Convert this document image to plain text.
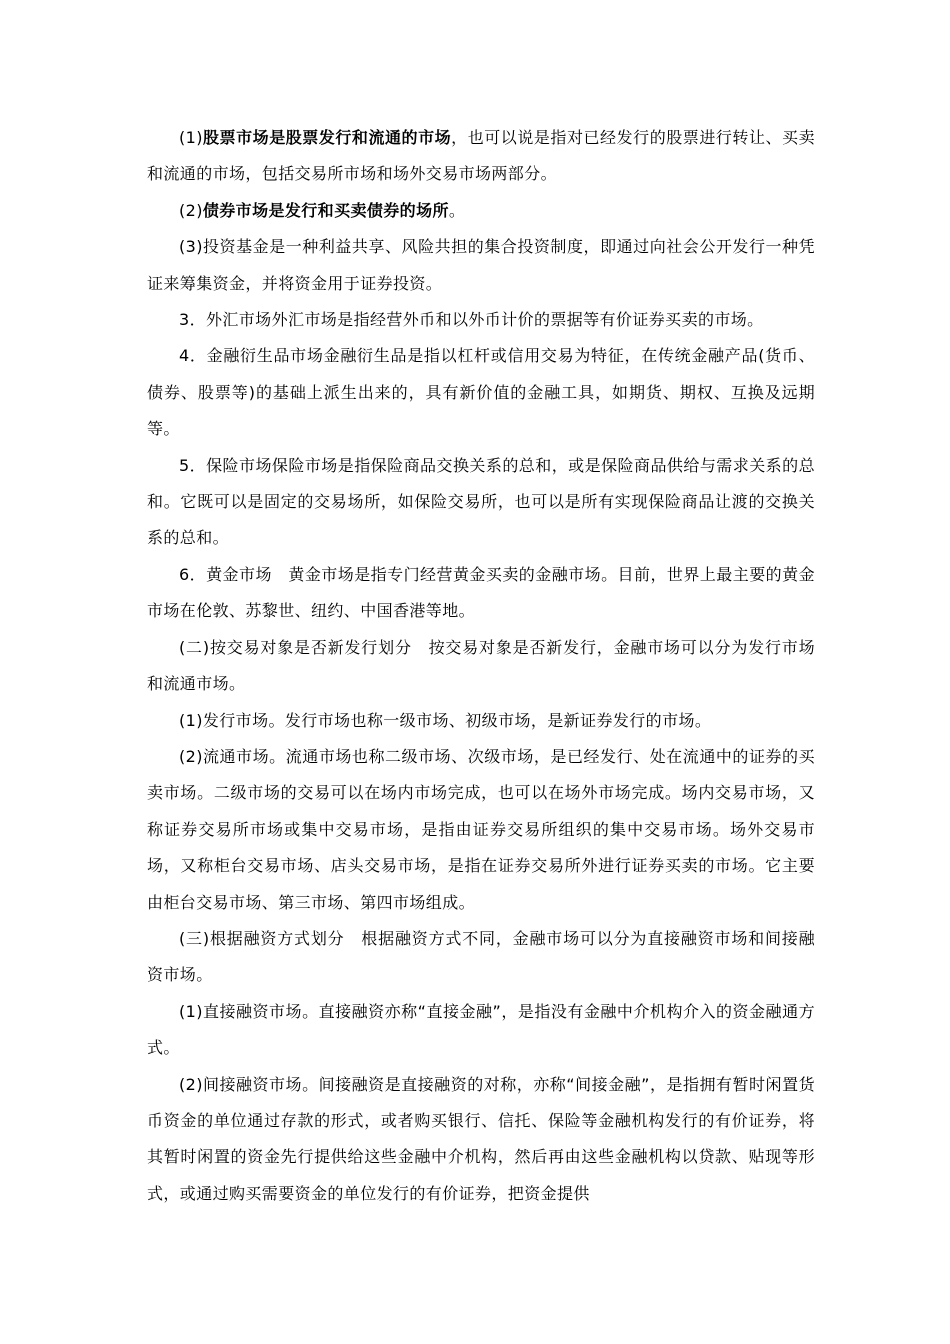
(1)股票市场是股票发行和流通的市场，也可以说是指对已经发行的股票进行转让、买卖和流通的市场，包括交易所市场和场外交易市场两部分。

(2)债券市场是发行和买卖债券的场所。

(3)投资基金是一种利益共享、风险共担的集合投资制度，即通过向社会公开发行一种凭证来筹集资金，并将资金用于证券投资。

3．外汇市场外汇市场是指经营外币和以外币计价的票据等有价证券买卖的市场。

4．金融衍生品市场金融衍生品是指以杠杆或信用交易为特征，在传统金融产品(货币、债券、股票等)的基础上派生出来的，具有新价值的金融工具，如期货、期权、互换及远期等。

5．保险市场保险市场是指保险商品交换关系的总和，或是保险商品供给与需求关系的总和。它既可以是固定的交易场所，如保险交易所，也可以是所有实现保险商品让渡的交换关系的总和。

6．黄金市场　黄金市场是指专门经营黄金买卖的金融市场。目前，世界上最主要的黄金市场在伦敦、苏黎世、纽约、中国香港等地。

(二)按交易对象是否新发行划分　按交易对象是否新发行，金融市场可以分为发行市场和流通市场。

(1)发行市场。发行市场也称一级市场、初级市场，是新证券发行的市场。

(2)流通市场。流通市场也称二级市场、次级市场，是已经发行、处在流通中的证券的买卖市场。二级市场的交易可以在场内市场完成，也可以在场外市场完成。场内交易市场，又称证券交易所市场或集中交易市场，是指由证券交易所组织的集中交易市场。场外交易市场，又称柜台交易市场、店头交易市场，是指在证券交易所外进行证券买卖的市场。它主要由柜台交易市场、第三市场、第四市场组成。

(三)根据融资方式划分　根据融资方式不同，金融市场可以分为直接融资市场和间接融资市场。

(1)直接融资市场。直接融资亦称“直接金融”，是指没有金融中介机构介入的资金融通方式。

(2)间接融资市场。间接融资是直接融资的对称，亦称“间接金融”，是指拥有暂时闲置货币资金的单位通过存款的形式，或者购买银行、信托、保险等金融机构发行的有价证券，将其暂时闲置的资金先行提供给这些金融中介机构，然后再由这些金融机构以贷款、贴现等形式，或通过购买需要资金的单位发行的有价证券，把资金提供
